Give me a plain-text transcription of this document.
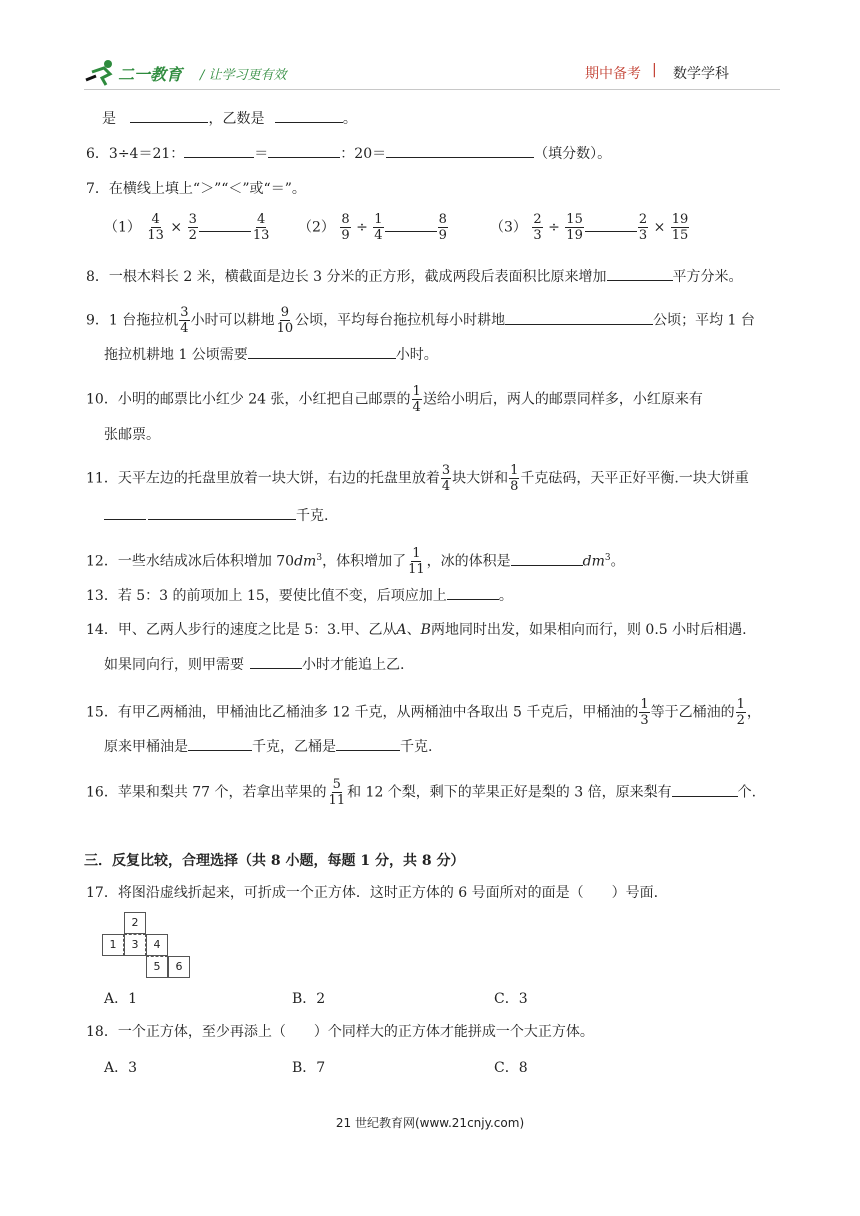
二一教育 / 让学习更有效	期中备考 | 数学学科
是	，乙数是	。
6．3÷4＝21：	＝	：20＝	（填分数）。
7．在横线上填上“＞”“＜”或“＝”。
$(1) \frac{4}{13} \times \frac{3}{2}$	$\frac{4}{13} (2) \frac{8}{9} \div \frac{1}{4}$	$\frac{8}{9}$	$(3) \frac{2}{3} \div \frac{15}{19}$	$\frac{2}{3} \times \frac{19}{15}$
8．一根木料长 2 米，横截面是边长 3 分米的正方形，截成两段后表面积比原来增加	平方分米。
9．1 台拖拉机 $\frac{3}{4}$ 小时可以耕地 $\frac{9}{10}$ 公顷，平均每台拖拉机每小时耕地	公顷；平均 1 台
拖拉机耕地 1 公顷需要	小时。
10．小明的邮票比小红少 24 张，小红把自己邮票的 $\frac{1}{4}$ 送给小明后，两人的邮票同样多，小红原来有
张邮票。
11．天平左边的托盘里放着一块大饼，右边的托盘里放着 $\frac{3}{4}$ 块大饼和 $\frac{1}{8}$ 千克砝码，天平正好平衡.一块大饼重
千克.
12．一些水结成冰后体积增加 $70dm^3$，体积增加了 $\frac{1}{11}$ ，冰的体积是	$dm^3$。
13．若 5：3 的前项加上 15，要使比值不变，后项应加上	。
14．甲、乙两人步行的速度之比是 5：3.甲、乙从A、B两地同时出发，如果相向而行，则 0.5 小时后相遇.
如果同向行，则甲需要	小时才能追上乙.
15．有甲乙两桶油，甲桶油比乙桶油多 12 千克，从两桶油中各取出 5 千克后，甲桶油的 $\frac{1}{3}$ 等于乙桶油的 $\frac{1}{2}$ ，
原来甲桶油是	千克，乙桶是	千克.
16．苹果和梨共 77 个，若拿出苹果的 $\frac{5}{11}$ 和 12 个梨，剩下的苹果正好是梨的 3 倍，原来梨有	个.
三．反复比较，合理选择（共 8 小题，每题 1 分，共 8 分）
17．将图沿虚线折起来，可折成一个正方体．这时正方体的 6 号面所对的面是（　　）号面.
2
1	3	4
5	6
A．1	B．2	C．3
18．一个正方体，至少再添上（　　）个同样大的正方体才能拼成一个大正方体。
A．3	B．7	C．8
21 世纪教育网(www.21cnjy.com)
